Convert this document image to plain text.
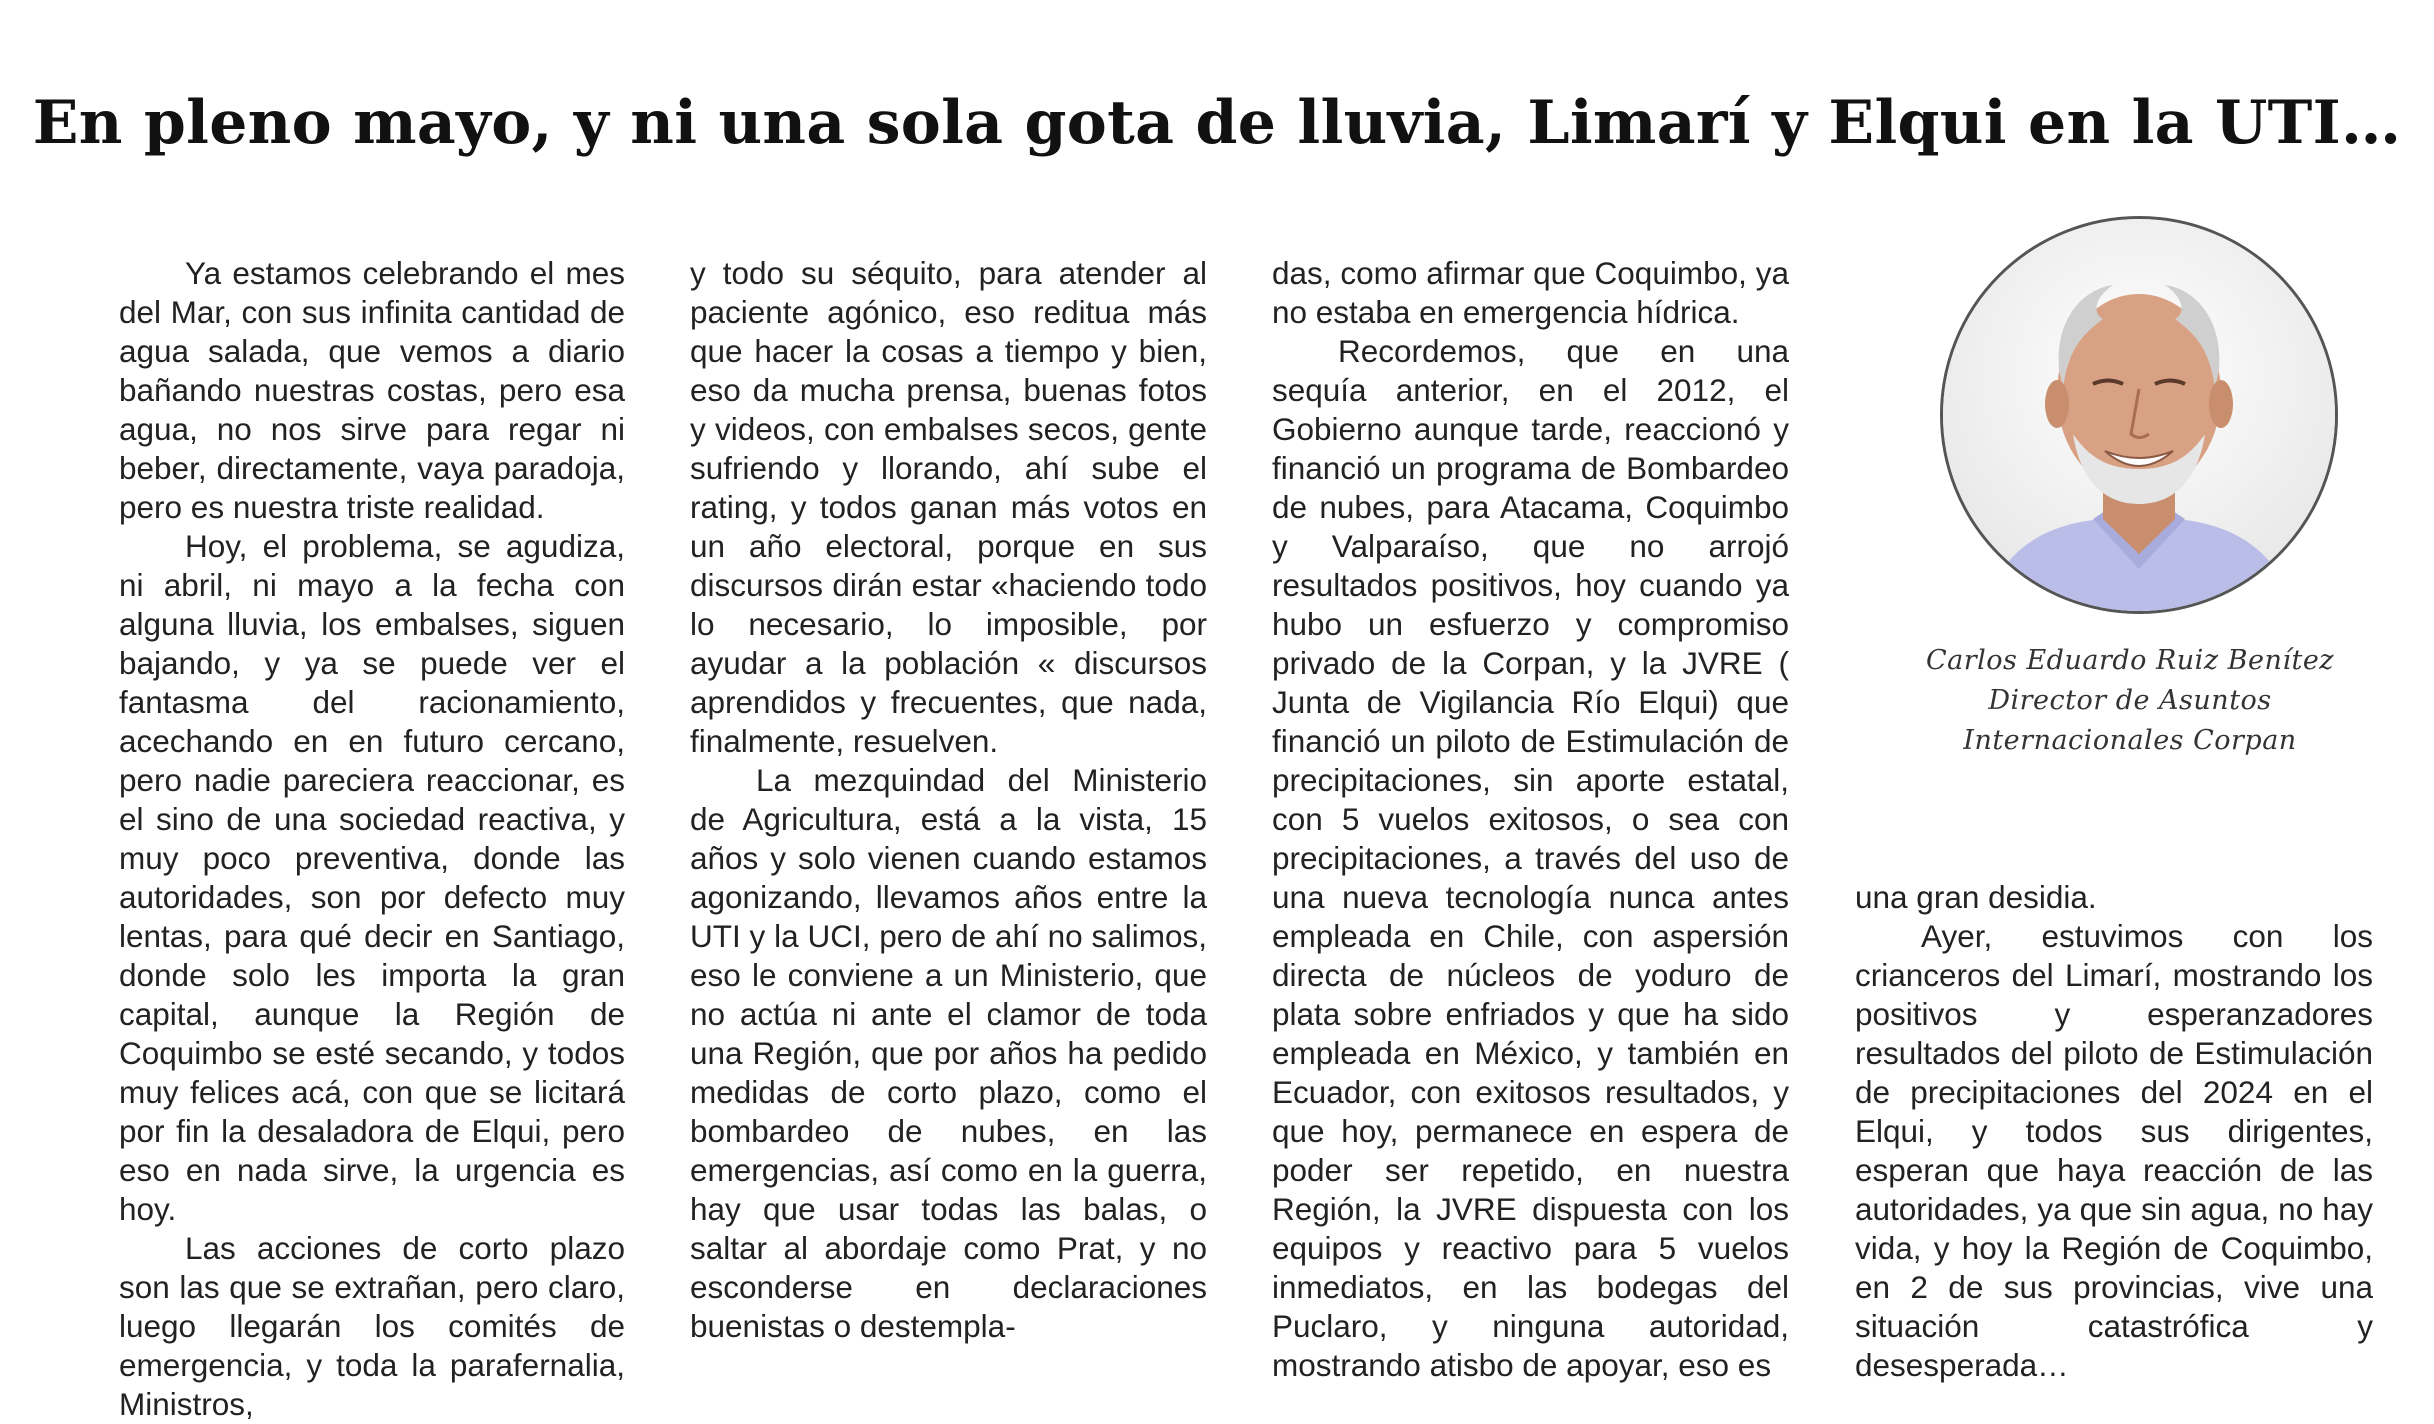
En pleno mayo, y ni una sola gota de lluvia, Limarí y Elqui en la UTI…

Ya estamos celebrando el mes del Mar, con sus infinita cantidad de agua salada, que vemos a diario bañando nuestras costas, pero esa agua, no nos sirve para regar ni beber, directamente, vaya paradoja, pero es nuestra triste realidad.

Hoy, el problema, se agudiza, ni abril, ni mayo a la fecha con alguna lluvia, los embalses, siguen bajando, y ya se puede ver el fantasma del racionamiento, acechando en en futuro cercano, pero nadie pareciera reaccionar, es el sino de una sociedad reactiva, y muy poco preventiva, donde las autoridades, son por defecto muy lentas, para qué decir en Santiago, donde solo les importa la gran capital, aunque la Región de Coquimbo se esté secando, y todos muy felices acá, con que se licitará por fin la desaladora de Elqui, pero eso en nada sirve, la urgencia es hoy.

Las acciones de corto plazo son las que se extrañan, pero claro, luego llegarán los comités de emergencia, y toda la parafernalia, Ministros,

y todo su séquito, para atender al paciente agónico, eso reditua más que hacer la cosas a tiempo y bien, eso da mucha prensa, buenas fotos y videos, con embalses secos, gente sufriendo y llorando, ahí sube el rating, y todos ganan más votos en un año electoral, porque en sus discursos dirán estar «haciendo todo lo necesario, lo imposible, por ayudar a la población « discursos aprendidos y frecuentes, que nada, finalmente, resuelven.

La mezquindad del Ministerio de Agricultura, está a la vista, 15 años y solo vienen cuando estamos agonizando, llevamos años entre la UTI y la UCI, pero de ahí no salimos, eso le conviene a un Ministerio, que no actúa ni ante el clamor de toda una Región, que por años ha pedido medidas de corto plazo, como el bombardeo de nubes, en las emergencias, así como en la guerra, hay que usar todas las balas, o saltar al abordaje como Prat, y no esconderse en declaraciones buenistas o destempla-

das, como afirmar que Coquimbo, ya no estaba en emergencia hídrica.

Recordemos, que en una sequía anterior, en el 2012, el Gobierno aunque tarde, reaccionó y financió un programa de Bombardeo de nubes, para Atacama, Coquimbo y Valparaíso, que no arrojó resultados positivos, hoy cuando ya hubo un esfuerzo y compromiso privado de la Corpan, y la JVRE ( Junta de Vigilancia Río Elqui) que financió un piloto de Estimulación de precipitaciones, sin aporte estatal, con 5 vuelos exitosos, o sea con precipitaciones, a través del uso de una nueva tecnología nunca antes empleada en Chile, con aspersión directa de núcleos de yoduro de plata sobre enfriados y que ha sido empleada en México, y también en Ecuador, con exitosos resultados, y que hoy, permanece en espera de poder ser repetido, en nuestra Región, la JVRE dispuesta con los equipos y reactivo para 5 vuelos inmediatos, en las bodegas del Puclaro, y ninguna autoridad, mostrando atisbo de apoyar, eso es

Carlos Eduardo Ruiz Benítez
Director de Asuntos
Internacionales Corpan

una gran desidia.

Ayer, estuvimos con los crianceros del Limarí, mostrando los positivos y esperanzadores resultados del piloto de Estimulación de precipitaciones del 2024 en el Elqui, y todos sus dirigentes, esperan que haya reacción de las autoridades, ya que sin agua, no hay vida, y hoy la Región de Coquimbo, en 2 de sus provincias, vive una situación catastrófica y desesperada…
